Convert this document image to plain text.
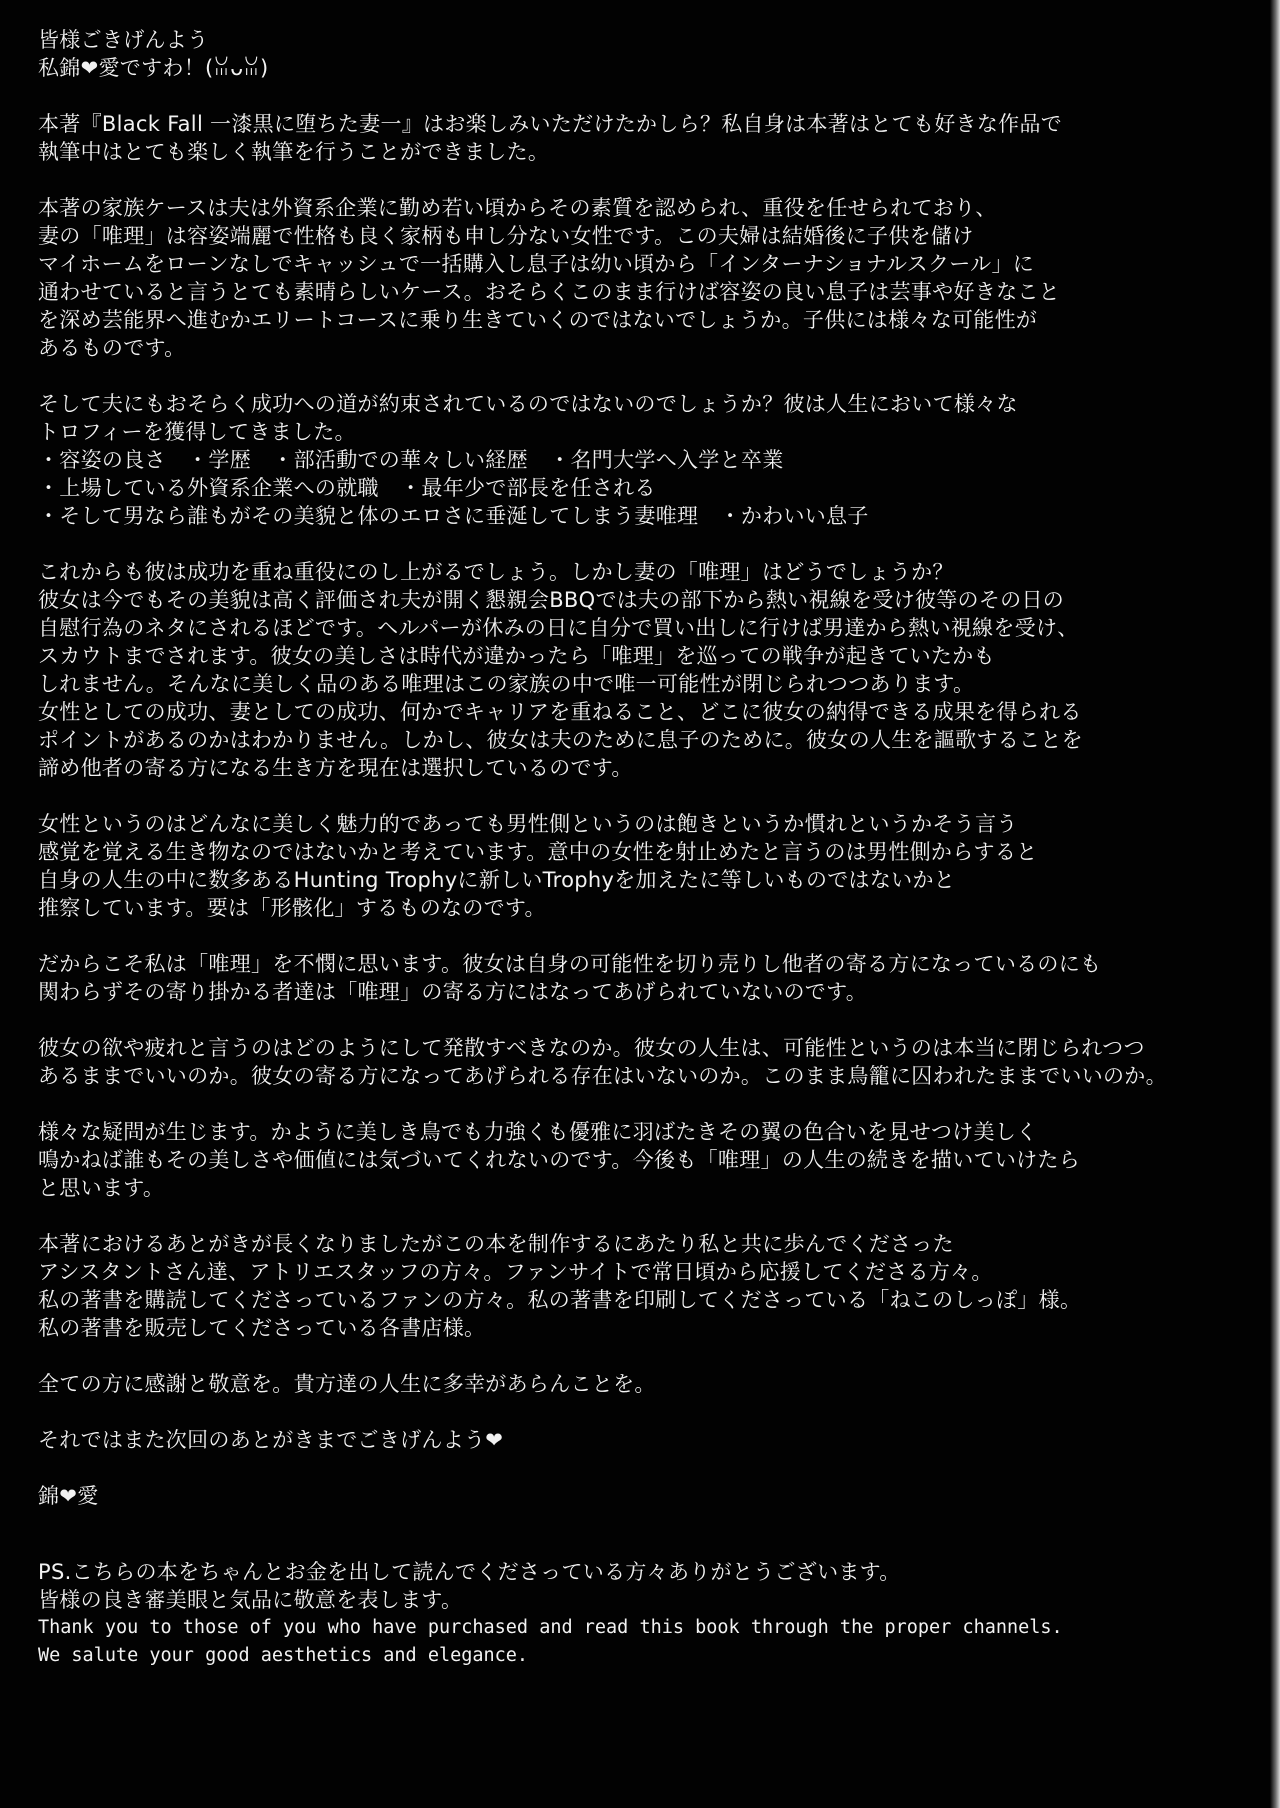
皆様ごきげんよう
私錦❤愛ですわ！(ꈍᴗꈍ)
本著『Black Fall 一漆黒に堕ちた妻一』はお楽しみいただけたかしら？私自身は本著はとても好きな作品で
執筆中はとても楽しく執筆を行うことができました。
本著の家族ケースは夫は外資系企業に勤め若い頃からその素質を認められ、重役を任せられており、
妻の「唯理」は容姿端麗で性格も良く家柄も申し分ない女性です。この夫婦は結婚後に子供を儲け
マイホームをローンなしでキャッシュで一括購入し息子は幼い頃から「インターナショナルスクール」に
通わせていると言うとても素晴らしいケース。おそらくこのまま行けば容姿の良い息子は芸事や好きなこと
を深め芸能界へ進むかエリートコースに乗り生きていくのではないでしょうか。子供には様々な可能性が
あるものです。
そして夫にもおそらく成功への道が約束されているのではないのでしょうか？彼は人生において様々な
トロフィーを獲得してきました。
・容姿の良さ　・学歴　・部活動での華々しい経歴　・名門大学へ入学と卒業
・上場している外資系企業への就職　・最年少で部長を任される
・そして男なら誰もがその美貌と体のエロさに垂涎してしまう妻唯理　・かわいい息子
これからも彼は成功を重ね重役にのし上がるでしょう。しかし妻の「唯理」はどうでしょうか？
彼女は今でもその美貌は高く評価され夫が開く懇親会BBQでは夫の部下から熱い視線を受け彼等のその日の
自慰行為のネタにされるほどです。ヘルパーが休みの日に自分で買い出しに行けば男達から熱い視線を受け、
スカウトまでされます。彼女の美しさは時代が違かったら「唯理」を巡っての戦争が起きていたかも
しれません。そんなに美しく品のある唯理はこの家族の中で唯一可能性が閉じられつつあります。
女性としての成功、妻としての成功、何かでキャリアを重ねること、どこに彼女の納得できる成果を得られる
ポイントがあるのかはわかりません。しかし、彼女は夫のために息子のために。彼女の人生を謳歌することを
諦め他者の寄る方になる生き方を現在は選択しているのです。
女性というのはどんなに美しく魅力的であっても男性側というのは飽きというか慣れというかそう言う
感覚を覚える生き物なのではないかと考えています。意中の女性を射止めたと言うのは男性側からすると
自身の人生の中に数多あるHunting Trophyに新しいTrophyを加えたに等しいものではないかと
推察しています。要は「形骸化」するものなのです。
だからこそ私は「唯理」を不憫に思います。彼女は自身の可能性を切り売りし他者の寄る方になっているのにも
関わらずその寄り掛かる者達は「唯理」の寄る方にはなってあげられていないのです。
彼女の欲や疲れと言うのはどのようにして発散すべきなのか。彼女の人生は、可能性というのは本当に閉じられつつ
あるままでいいのか。彼女の寄る方になってあげられる存在はいないのか。このまま鳥籠に囚われたままでいいのか。
様々な疑問が生じます。かように美しき鳥でも力強くも優雅に羽ばたきその翼の色合いを見せつけ美しく
鳴かねば誰もその美しさや価値には気づいてくれないのです。今後も「唯理」の人生の続きを描いていけたら
と思います。
本著におけるあとがきが長くなりましたがこの本を制作するにあたり私と共に歩んでくださった
アシスタントさん達、アトリエスタッフの方々。ファンサイトで常日頃から応援してくださる方々。
私の著書を購読してくださっているファンの方々。私の著書を印刷してくださっている「ねこのしっぽ」様。
私の著書を販売してくださっている各書店様。
全ての方に感謝と敬意を。貴方達の人生に多幸があらんことを。
それではまた次回のあとがきまでごきげんよう❤
錦❤愛
PS.こちらの本をちゃんとお金を出して読んでくださっている方々ありがとうございます。
皆様の良き審美眼と気品に敬意を表します。
Thank you to those of you who have purchased and read this book through the proper channels.
We salute your good aesthetics and elegance.
